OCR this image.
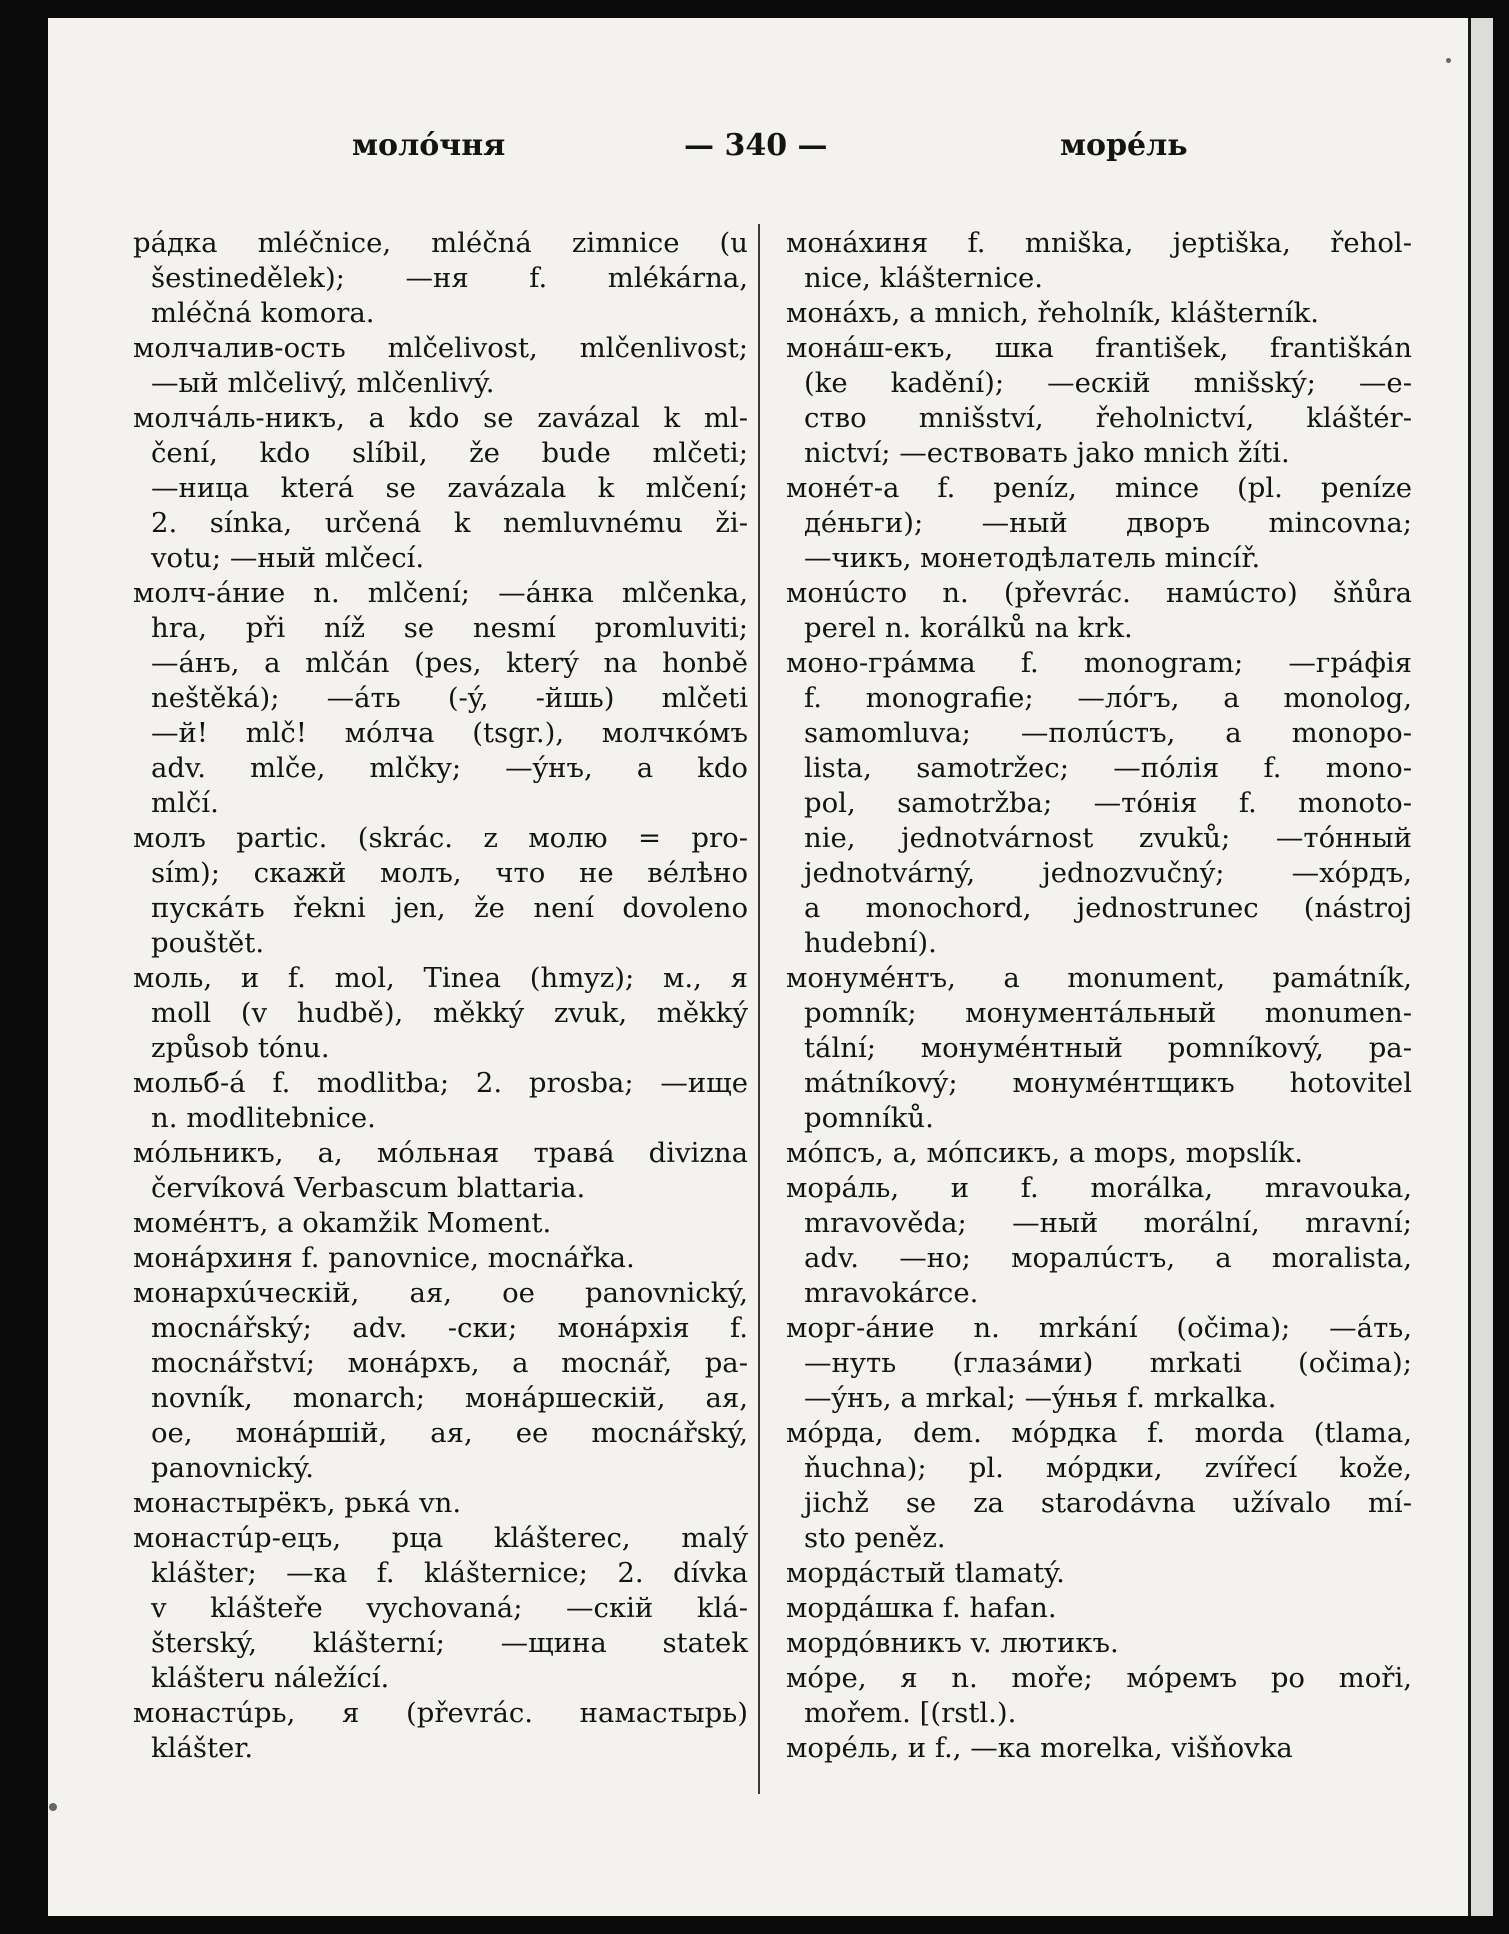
молóчня	— 340 —	морéль
рáдка mléčnice, mléčná zimnice (u
šestinedělek); —ня f. mlékárna,
mléčná komora.
молчалив-ость mlčelivost, mlčenlivost;
—ый mlčelivý, mlčenlivý.
молчáль-никъ, a kdo se zavázal k ml-
čení, kdo slíbil, že bude mlčeti;
—ница která se zavázala k mlčení;
2. sínka, určená k nemluvnému ži-
votu; —ный mlčecí.
молч-áние n. mlčení; —áнка mlčenka,
hra, při níž se nesmí promluviti;
—áнъ, a mlčán (pes, který na honbě
neštěká); —áть (-ý, -йшь) mlčeti
—й! mlč! мóлча (tsgr.), молчкóмъ
adv. mlče, mlčky; —ýнъ, a kdo
mlčí.
молъ partic. (skrác. z молю = pro-
sím); скажй молъ, что не вéлѣно
пускáть řekni jen, že není dovoleno
pouštět.
моль, и f. mol, Tinea (hmyz); м., я
moll (v hudbě), měkký zvuk, měkký
způsob tónu.
мольб-á f. modlitba; 2. prosba; —ище
n. modlitebnice.
мóльникъ, a, мóльная травá divizna
červíková Verbascum blattaria.
момéнтъ, a okamžik Moment.
монáрхиня f. panovnice, mocnářka.
монархúческій, ая, ое panovnický,
mocnářský; adv. -ски; монáрхія f.
mocnářství; монáрхъ, a mocnář, pa-
novník, monarch; монáршескій, ая,
ое, монáршій, ая, ее mocnářský,
panovnický.
монастырёкъ, рькá vn.
монастúр-ецъ, рца klášterec, malý
klášter; —ка f. klášternice; 2. dívka
v klášteře vychovaná; —скій klá-
šterský, klášterní; —щина statek
klášteru náležící.
монастúрь, я (převrác. намастырь)
klášter.
монáхиня f. mniška, jeptiška, řehol-
nice, klášternice.
монáхъ, a mnich, řeholník, klášterník.
монáш-екъ, шка františek, františkán
(ke kadění); —ескій mnišský; —е-
ство mnišství, řeholnictví, kláštér-
nictví; —ествовать jako mnich žíti.
монéт-а f. peníz, mince (pl. peníze
дéньги); —ный дворъ mincovna;
—чикъ, монетодѣлатель mincíř.
монúсто n. (převrác. намúсто) šňůra
perel n. korálků na krk.
моно-грáмма f. monogram; —грáфія
f. monografie; —лóгъ, a monolog,
samomluva; —полúстъ, a monopo-
lista, samotržec; —пóлія f. mono-
pol, samotržba; —тóнія f. monoto-
nie, jednotvárnost zvuků; —тóнный
jednotvárný, jednozvučný; —хóрдъ,
a monochord, jednostrunec (nástroj
hudební).
монумéнтъ, a monument, památník,
pomník; монументáльный monumen-
tální; монумéнтный pomníkový, pa-
mátníkový; монумéнтщикъ hotovitel
pomníků.
мóпсъ, a, мóпсикъ, a mops, mopslík.
морáль, и f. morálka, mravouka,
mravověda; —ный morální, mravní;
adv. —но; моралúстъ, a moralista,
mravokárce.
морг-áние n. mrkání (očima); —áть,
—нуть (глазáми) mrkati (očima);
—ýнъ, a mrkal; —ýнья f. mrkalka.
мóрда, dem. мóрдка f. morda (tlama,
ňuchna); pl. мóрдки, zvířecí kože,
jichž se za starodávna užívalo mí-
sto peněz.
мордáстый tlamatý.
мордáшка f. hafan.
мордóвникъ v. лютикъ.
мóре, я n. moře; мóремъ po moři,
mořem. [(rstl.).
морéль, и f., —ка morelka, višňovka
